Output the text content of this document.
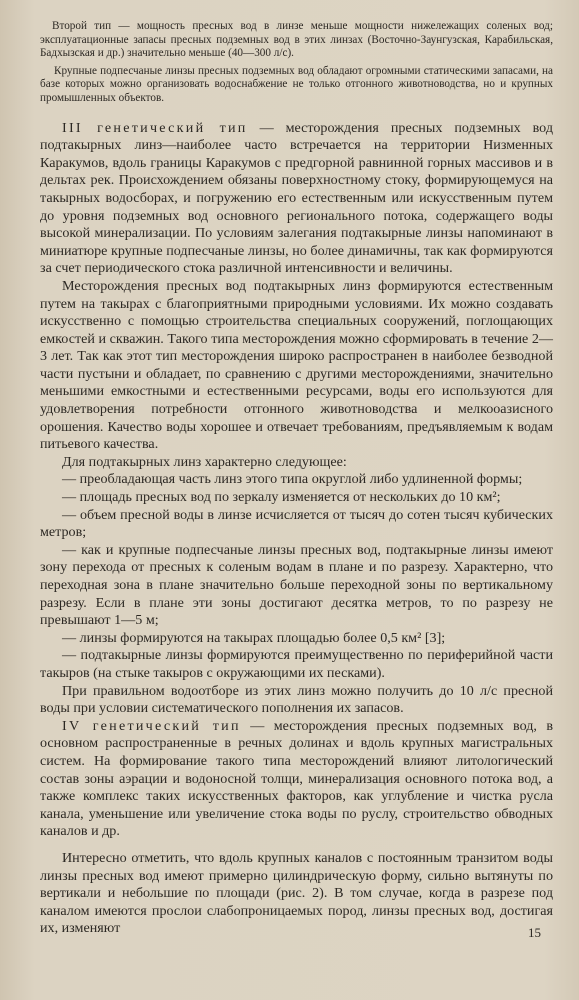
Второй тип — мощность пресных вод в линзе меньше мощности нижележащих соленых вод; эксплуатационные запасы пресных подземных вод в этих линзах (Восточно-Заунгузская, Карабильская, Бадхызская и др.) значительно меньше (40—300 л/с).

Крупные подпесчаные линзы пресных подземных вод обладают огромными статическими запасами, на базе которых можно организовать водоснабжение не только отгонного животноводства, но и крупных промышленных объектов.

III генетический тип — месторождения пресных подземных вод подтакырных линз—наиболее часто встречается на территории Низменных Каракумов, вдоль границы Каракумов с предгорной равнинной горных массивов и в дельтах рек. Происхождением обязаны поверхностному стоку, формирующемуся на такырных водосборах, и погружению его естественным или искусственным путем до уровня подземных вод основного регионального потока, содержащего воды высокой минерализации. По условиям залегания подтакырные линзы напоминают в миниатюре крупные подпесчаные линзы, но более динамичны, так как формируются за счет периодического стока различной интенсивности и величины.

Месторождения пресных вод подтакырных линз формируются естественным путем на такырах с благоприятными природными условиями. Их можно создавать искусственно с помощью строительства специальных сооружений, поглощающих емкостей и скважин. Такого типа месторождения можно сформировать в течение 2—3 лет. Так как этот тип месторождения широко распространен в наиболее безводной части пустыни и обладает, по сравнению с другими месторождениями, значительно меньшими емкостными и естественными ресурсами, воды его используются для удовлетворения потребности отгонного животноводства и мелкооазисного орошения. Качество воды хорошее и отвечает требованиям, предъявляемым к водам питьевого качества.

Для подтакырных линз характерно следующее:

— преобладающая часть линз этого типа округлой либо удлиненной формы;

— площадь пресных вод по зеркалу изменяется от нескольких до 10 км²;

— объем пресной воды в линзе исчисляется от тысяч до сотен тысяч кубических метров;

— как и крупные подпесчаные линзы пресных вод, подтакырные линзы имеют зону перехода от пресных к соленым водам в плане и по разрезу. Характерно, что переходная зона в плане значительно больше переходной зоны по вертикальному разрезу. Если в плане эти зоны достигают десятка метров, то по разрезу не превышают 1—5 м;

— линзы формируются на такырах площадью более 0,5 км² [3];

— подтакырные линзы формируются преимущественно по периферийной части такыров (на стыке такыров с окружающими их песками).

При правильном водоотборе из этих линз можно получить до 10 л/с пресной воды при условии систематического пополнения их запасов.

IV генетический тип — месторождения пресных подземных вод, в основном распространенные в речных долинах и вдоль крупных магистральных систем. На формирование такого типа месторождений влияют литологический состав зоны аэрации и водоносной толщи, минерализация основного потока вод, а также комплекс таких искусственных факторов, как углубление и чистка русла канала, уменьшение или увеличение стока воды по руслу, строительство обводных каналов и др.

Интересно отметить, что вдоль крупных каналов с постоянным транзитом воды линзы пресных вод имеют примерно цилиндрическую форму, сильно вытянуты по вертикали и небольшие по площади (рис. 2). В том случае, когда в разрезе под каналом имеются прослои слабопроницаемых пород, линзы пресных вод, достигая их, изменяют	15
